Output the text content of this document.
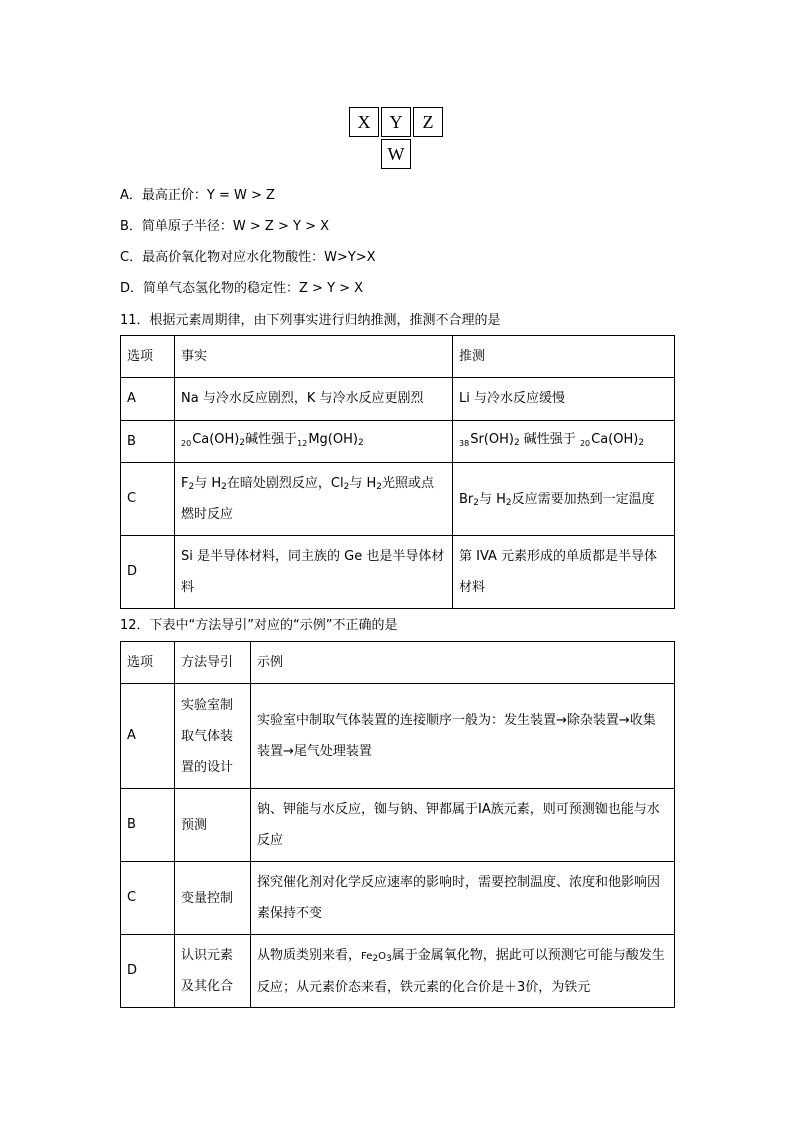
X	Y	Z
W
A．最高正价：Y = W > Z
B．简单原子半径：W > Z > Y > X
C．最高价氧化物对应水化物酸性：W>Y>X
D．简单气态氢化物的稳定性：Z > Y > X
11．根据元素周期律，由下列事实进行归纳推测，推测不合理的是
选项	事实	推测
A	Na 与冷水反应剧烈，K 与冷水反应更剧烈	Li 与冷水反应缓慢
B	$_{20}Ca(OH)_2$碱性强于$_{12}Mg(OH)_2$	$_{38}Sr(OH)_2$ 碱性强于 $_{20}Ca(OH)_2$
C	$F_2$与 $H_2$在暗处剧烈反应，$Cl_2$与 $H_2$光照或点燃时反应	$Br_2$与 $H_2$反应需要加热到一定温度
D	Si 是半导体材料，同主族的 Ge 也是半导体材料	第 IVA 元素形成的单质都是半导体材料
12．下表中“方法导引”对应的“示例”不正确的是
选项	方法导引	示例
A	实验室制取气体装置的设计	实验室中制取气体装置的连接顺序一般为：发生装置→除杂装置→收集装置→尾气处理装置
B	预测	钠、钾能与水反应，铷与钠、钾都属于ⅠA族元素，则可预测铷也能与水反应
C	变量控制	探究催化剂对化学反应速率的影响时，需要控制温度、浓度和他影响因素保持不变
D	认识元素及其化合	从物质类别来看，$Fe_2O_3$属于金属氧化物，据此可以预测它可能与酸发生反应；从元素价态来看，铁元素的化合价是＋3价，为铁元
